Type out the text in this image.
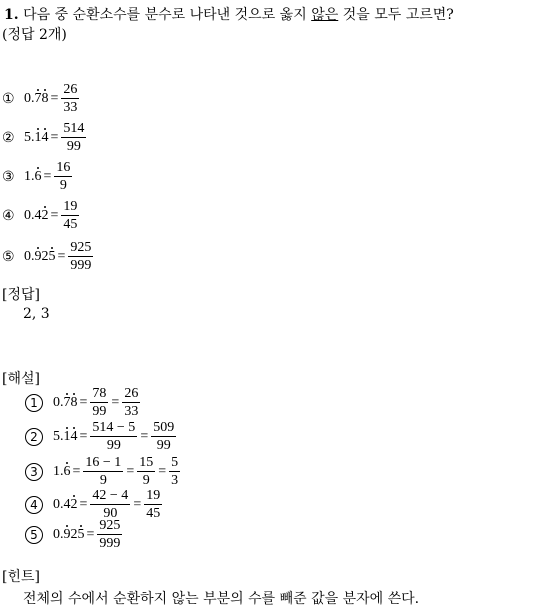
1. 다음 중 순환소수를 분수로 나타낸 것으로 옳지 않은 것을 모두 고르면?
(정답 2개)
① $0.78 = \frac{26}{33}$
② $5.14 = \frac{514}{99}$
③ $1.6 = \frac{16}{9}$
④ $0.42 = \frac{19}{45}$
⑤ $0.925 = \frac{925}{999}$
[정답]
2, 3
[해설]
1	$0.78 = \frac{78}{99} = \frac{26}{33}$
2	$5.14 = \frac{514 - 5}{99} = \frac{509}{99}$
3	$1.6 = \frac{16 - 1}{9} = \frac{15}{9} = \frac{5}{3}$
4	$0.42 = \frac{42 - 4}{90} = \frac{19}{45}$
5	$0.925 = \frac{925}{999}$
[힌트]
전체의 수에서 순환하지 않는 부분의 수를 빼준 값을 분자에 쓴다.
